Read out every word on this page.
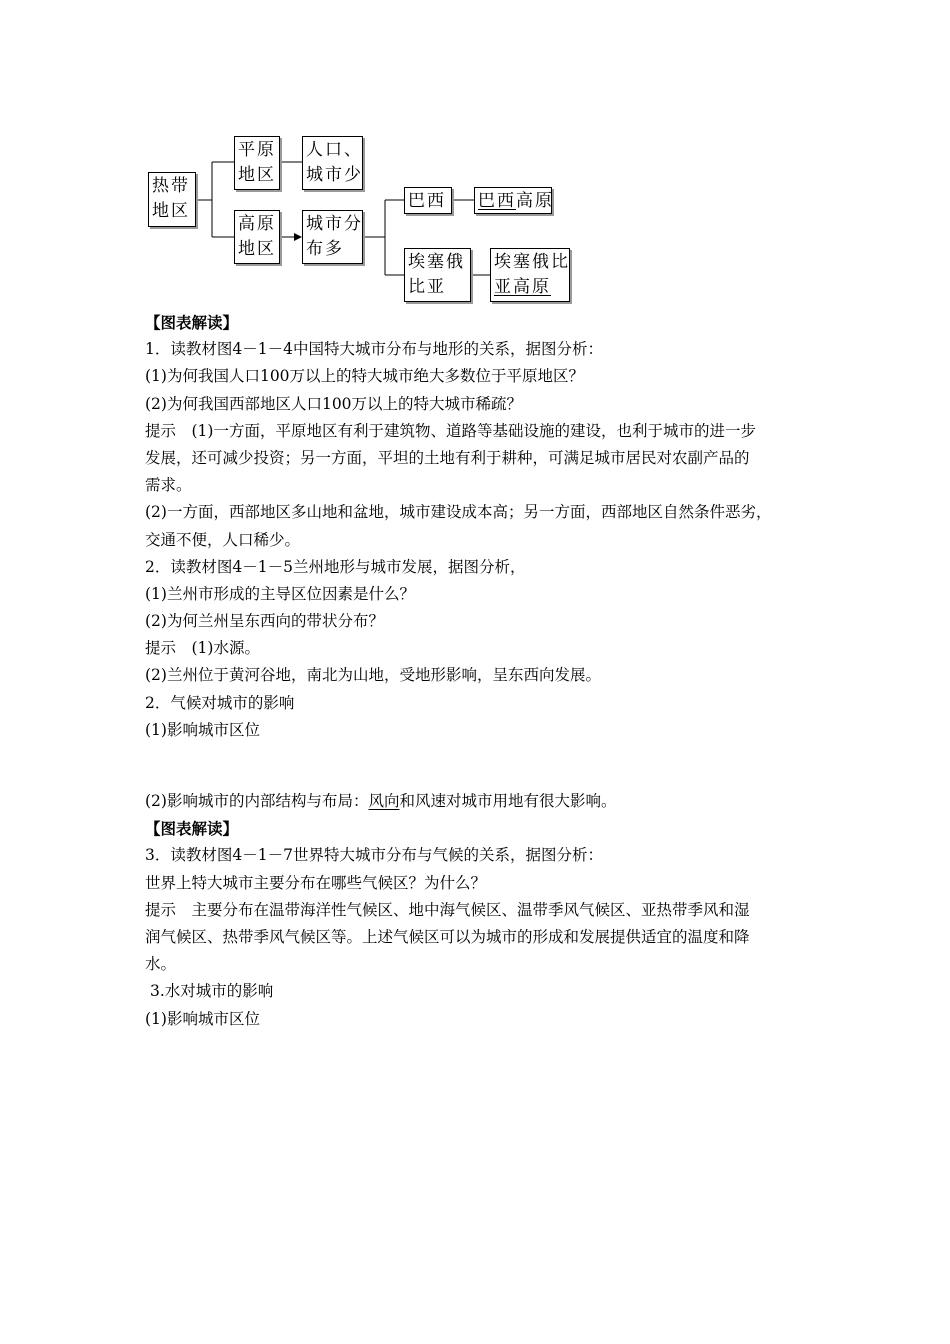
热带
地区
平原
地区
人口、
城市少
高原
地区
城市分
布多
巴西 巴西高原
埃塞俄
比亚
埃塞俄比
亚高原
【图表解读】
1．读教材图4－1－4中国特大城市分布与地形的关系，据图分析：
(1)为何我国人口100万以上的特大城市绝大多数位于平原地区？
(2)为何我国西部地区人口100万以上的特大城市稀疏？
提示　(1)一方面，平原地区有利于建筑物、道路等基础设施的建设，也利于城市的进一步
发展，还可减少投资；另一方面，平坦的土地有利于耕种，可满足城市居民对农副产品的
需求。
(2)一方面，西部地区多山地和盆地，城市建设成本高；另一方面，西部地区自然条件恶劣，
交通不便，人口稀少。
2．读教材图4－1－5兰州地形与城市发展，据图分析，
(1)兰州市形成的主导区位因素是什么？
(2)为何兰州呈东西向的带状分布？
提示　(1)水源。
(2)兰州位于黄河谷地，南北为山地，受地形影响，呈东西向发展。
2．气候对城市的影响
(1)影响城市区位
(2)影响城市的内部结构与布局：风向和风速对城市用地有很大影响。
【图表解读】
3．读教材图4－1－7世界特大城市分布与气候的关系，据图分析：
世界上特大城市主要分布在哪些气候区？为什么？
提示　主要分布在温带海洋性气候区、地中海气候区、温带季风气候区、亚热带季风和湿
润气候区、热带季风气候区等。上述气候区可以为城市的形成和发展提供适宜的温度和降
水。
3.水对城市的影响
(1)影响城市区位
